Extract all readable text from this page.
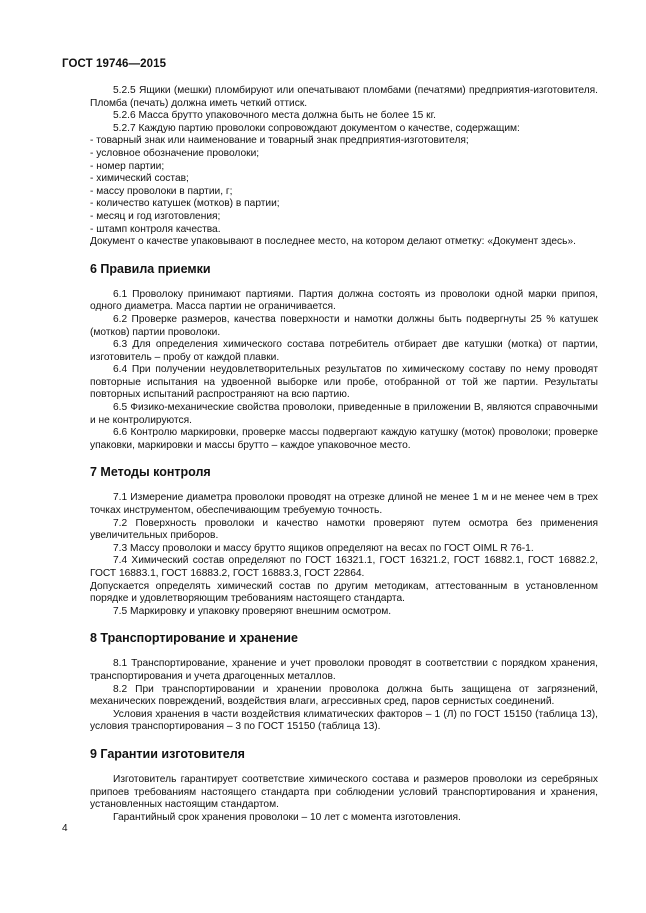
ГОСТ 19746—2015

5.2.5 Ящики (мешки) пломбируют или опечатывают пломбами (печатями) предприятия-изготовителя. Пломба (печать) должна иметь четкий оттиск.

5.2.6 Масса брутто упаковочного места должна быть не более 15 кг.

5.2.7 Каждую партию проволоки сопровождают документом о качестве, содержащим:

- товарный знак или наименование и товарный знак предприятия-изготовителя;

- условное обозначение проволоки;

- номер партии;

- химический состав;

- массу проволоки в партии, г;

- количество катушек (мотков) в партии;

- месяц и год изготовления;

- штамп контроля качества.

Документ о качестве упаковывают в последнее место, на котором делают отметку: «Документ здесь».

6 Правила приемки

6.1 Проволоку принимают партиями. Партия должна состоять из проволоки одной марки припоя, одного диаметра. Масса партии не ограничивается.

6.2 Проверке размеров, качества поверхности и намотки должны быть подвергнуты 25 % катушек (мотков) партии проволоки.

6.3 Для определения химического состава потребитель отбирает две катушки (мотка) от партии, изготовитель – пробу от каждой плавки.

6.4 При получении неудовлетворительных результатов по химическому составу по нему проводят повторные испытания на удвоенной выборке или пробе, отобранной от той же партии. Результаты повторных испытаний распространяют на всю партию.

6.5 Физико-механические свойства проволоки, приведенные в приложении В, являются справочными и не контролируются.

6.6 Контролю маркировки, проверке массы подвергают каждую катушку (моток) проволоки; проверке упаковки, маркировки и массы брутто – каждое упаковочное место.

7 Методы контроля

7.1 Измерение диаметра проволоки проводят на отрезке длиной не менее 1 м и не менее чем в трех точках инструментом, обеспечивающим требуемую точность.

7.2 Поверхность проволоки и качество намотки проверяют путем осмотра без применения увеличительных приборов.

7.3 Массу проволоки и массу брутто ящиков определяют на весах по ГОСТ OIML R 76-1.

7.4 Химический состав определяют по ГОСТ 16321.1, ГОСТ 16321.2, ГОСТ 16882.1, ГОСТ 16882.2, ГОСТ 16883.1, ГОСТ 16883.2, ГОСТ 16883.3, ГОСТ 22864.

Допускается определять химический состав по другим методикам, аттестованным в установленном порядке и удовлетворяющим требованиям настоящего стандарта.

7.5 Маркировку и упаковку проверяют внешним осмотром.

8 Транспортирование и хранение

8.1 Транспортирование, хранение и учет проволоки проводят в соответствии с порядком хранения, транспортирования и учета драгоценных металлов.

8.2 При транспортировании и хранении проволока должна быть защищена от загрязнений, механических повреждений, воздействия влаги, агрессивных сред, паров сернистых соединений.

Условия хранения в части воздействия климатических факторов – 1 (Л) по ГОСТ 15150 (таблица 13), условия транспортирования – 3 по ГОСТ 15150 (таблица 13).

9 Гарантии изготовителя

Изготовитель гарантирует соответствие химического состава и размеров проволоки из серебряных припоев требованиям настоящего стандарта при соблюдении условий транспортирования и хранения, установленных настоящим стандартом.

Гарантийный срок хранения проволоки – 10 лет с момента изготовления.

4
